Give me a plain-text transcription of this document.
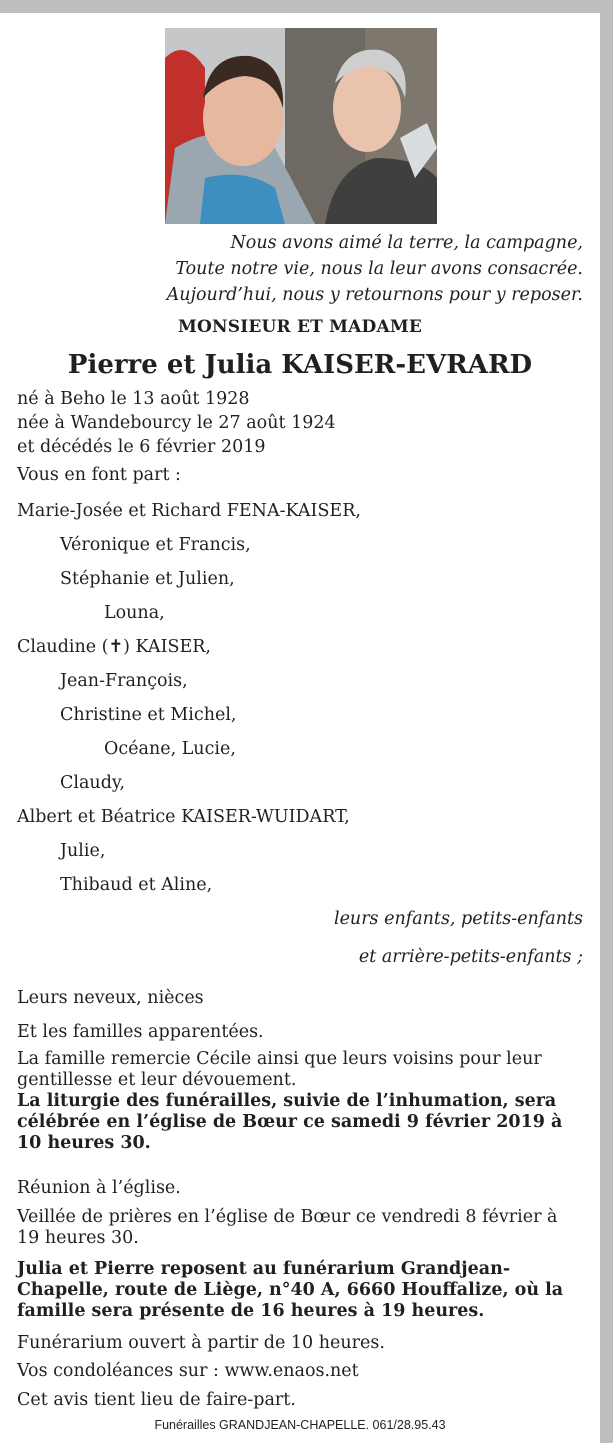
Nous avons aimé la terre, la campagne,
Toute notre vie, nous la leur avons consacrée.
Aujourd’hui, nous y retournons pour y reposer.
MONSIEUR ET MADAME
Pierre et Julia KAISER-EVRARD
né à Beho le 13 août 1928
née à Wandebourcy le 27 août 1924
et décédés le 6 février 2019
Vous en font part :
Marie-Josée et Richard FENA-KAISER,
Véronique et Francis,
Stéphanie et Julien,
Louna,
Claudine (✝) KAISER,
Jean-François,
Christine et Michel,
Océane, Lucie,
Claudy,
Albert et Béatrice KAISER-WUIDART,
Julie,
Thibaud et Aline,
leurs enfants, petits-enfants
et arrière-petits-enfants ;
Leurs neveux, nièces
Et les familles apparentées.
La famille remercie Cécile ainsi que leurs voisins pour leur gentillesse et leur dévouement.
La liturgie des funérailles, suivie de l’inhumation, sera célébrée en l’église de Bœur ce samedi 9 février 2019 à 10 heures 30.
Réunion à l’église.
Veillée de prières en l’église de Bœur ce vendredi 8 février à 19 heures 30.
Julia et Pierre reposent au funérarium Grandjean-Chapelle, route de Liège, n°40 A, 6660 Houffalize, où la famille sera présente de 16 heures à 19 heures.
Funérarium ouvert à partir de 10 heures.
Vos condoléances sur : www.enaos.net
Cet avis tient lieu de faire-part.
Funérailles GRANDJEAN-CHAPELLE. 061/28.95.43
